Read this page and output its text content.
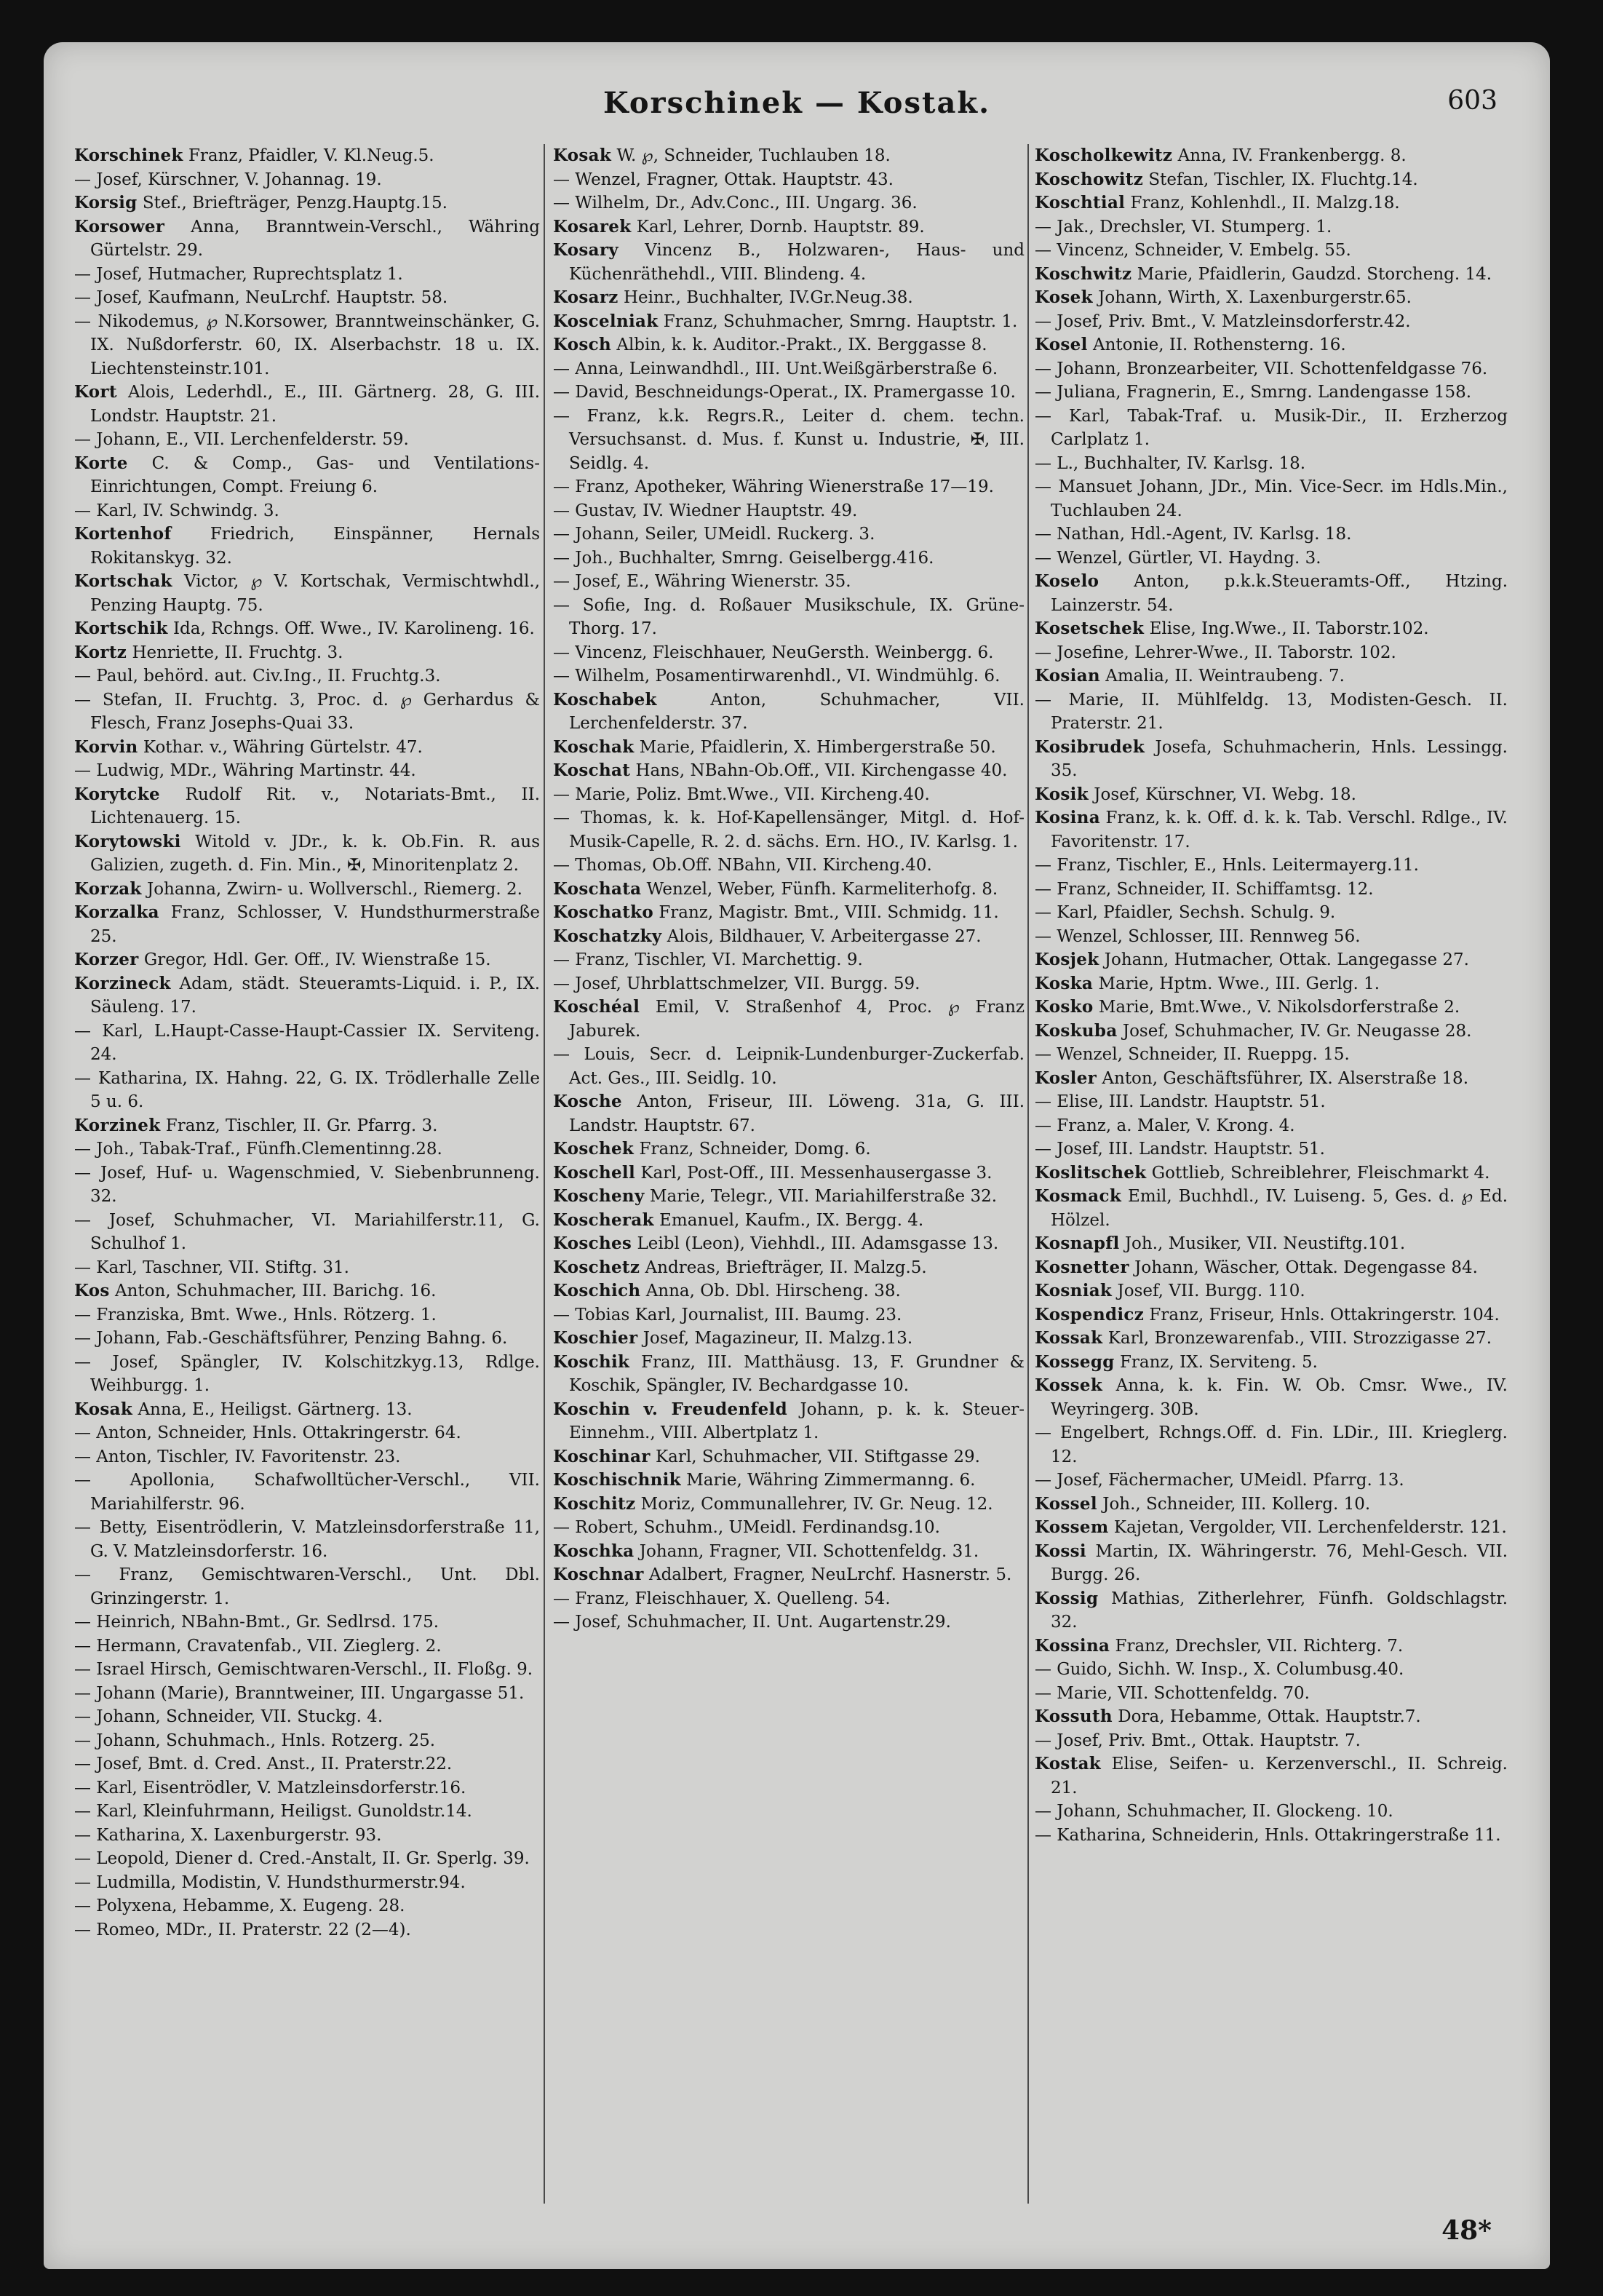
Korschinek — Kostak.	603

Korschinek Franz, Pfaidler, V. Kl.Neug.5.

— Josef, Kürschner, V. Johannag. 19.

Korsig Stef., Briefträger, Penzg.Hauptg.15.

Korsower Anna, Branntwein-Verschl., Währing Gürtelstr. 29.

— Josef, Hutmacher, Ruprechtsplatz 1.

— Josef, Kaufmann, NeuLrchf. Hauptstr. 58.

— Nikodemus, ℘ N.Korsower, Branntweinschänker, G. IX. Nußdorferstr. 60, IX. Alserbachstr. 18 u. IX. Liechtensteinstr.101.

Kort Alois, Lederhdl., E., III. Gärtnerg. 28, G. III. Londstr. Hauptstr. 21.

— Johann, E., VII. Lerchenfelderstr. 59.

Korte C. & Comp., Gas- und Ventilations-Einrichtungen, Compt. Freiung 6.

— Karl, IV. Schwindg. 3.

Kortenhof Friedrich, Einspänner, Hernals Rokitanskyg. 32.

Kortschak Victor, ℘ V. Kortschak, Vermischtwhdl., Penzing Hauptg. 75.

Kortschik Ida, Rchngs. Off. Wwe., IV. Karolineng. 16.

Kortz Henriette, II. Fruchtg. 3.

— Paul, behörd. aut. Civ.Ing., II. Fruchtg.3.

— Stefan, II. Fruchtg. 3, Proc. d. ℘ Gerhardus & Flesch, Franz Josephs-Quai 33.

Korvin Kothar. v., Währing Gürtelstr. 47.

— Ludwig, MDr., Währing Martinstr. 44.

Korytcke Rudolf Rit. v., Notariats-Bmt., II. Lichtenauerg. 15.

Korytowski Witold v. JDr., k. k. Ob.Fin. R. aus Galizien, zugeth. d. Fin. Min., ✠, Minoritenplatz 2.

Korzak Johanna, Zwirn- u. Wollverschl., Riemerg. 2.

Korzalka Franz, Schlosser, V. Hundsthurmerstraße 25.

Korzer Gregor, Hdl. Ger. Off., IV. Wienstraße 15.

Korzineck Adam, städt. Steueramts-Liquid. i. P., IX. Säuleng. 17.

— Karl, L.Haupt-Casse-Haupt-Cassier IX. Serviteng. 24.

— Katharina, IX. Hahng. 22, G. IX. Trödlerhalle Zelle 5 u. 6.

Korzinek Franz, Tischler, II. Gr. Pfarrg. 3.

— Joh., Tabak-Traf., Fünfh.Clementinng.28.

— Josef, Huf- u. Wagenschmied, V. Siebenbrunneng. 32.

— Josef, Schuhmacher, VI. Mariahilferstr.11, G. Schulhof 1.

— Karl, Taschner, VII. Stiftg. 31.

Kos Anton, Schuhmacher, III. Barichg. 16.

— Franziska, Bmt. Wwe., Hnls. Rötzerg. 1.

— Johann, Fab.-Geschäftsführer, Penzing Bahng. 6.

— Josef, Spängler, IV. Kolschitzkyg.13, Rdlge. Weihburgg. 1.

Kosak Anna, E., Heiligst. Gärtnerg. 13.

— Anton, Schneider, Hnls. Ottakringerstr. 64.

— Anton, Tischler, IV. Favoritenstr. 23.

— Apollonia, Schafwolltücher-Verschl., VII. Mariahilferstr. 96.

— Betty, Eisentrödlerin, V. Matzleinsdorferstraße 11, G. V. Matzleinsdorferstr. 16.

— Franz, Gemischtwaren-Verschl., Unt. Dbl. Grinzingerstr. 1.

— Heinrich, NBahn-Bmt., Gr. Sedlrsd. 175.

— Hermann, Cravatenfab., VII. Zieglerg. 2.

— Israel Hirsch, Gemischtwaren-Verschl., II. Floßg. 9.

— Johann (Marie), Branntweiner, III. Ungargasse 51.

— Johann, Schneider, VII. Stuckg. 4.

— Johann, Schuhmach., Hnls. Rotzerg. 25.

— Josef, Bmt. d. Cred. Anst., II. Praterstr.22.

— Karl, Eisentrödler, V. Matzleinsdorferstr.16.

— Karl, Kleinfuhrmann, Heiligst. Gunoldstr.14.

— Katharina, X. Laxenburgerstr. 93.

— Leopold, Diener d. Cred.-Anstalt, II. Gr. Sperlg. 39.

— Ludmilla, Modistin, V. Hundsthurmerstr.94.

— Polyxena, Hebamme, X. Eugeng. 28.

— Romeo, MDr., II. Praterstr. 22 (2—4).

Kosak W. ℘, Schneider, Tuchlauben 18.

— Wenzel, Fragner, Ottak. Hauptstr. 43.

— Wilhelm, Dr., Adv.Conc., III. Ungarg. 36.

Kosarek Karl, Lehrer, Dornb. Hauptstr. 89.

Kosary Vincenz B., Holzwaren-, Haus- und Küchenräthehdl., VIII. Blindeng. 4.

Kosarz Heinr., Buchhalter, IV.Gr.Neug.38.

Koscelniak Franz, Schuhmacher, Smrng. Hauptstr. 1.

Kosch Albin, k. k. Auditor.-Prakt., IX. Berggasse 8.

— Anna, Leinwandhdl., III. Unt.Weißgärberstraße 6.

— David, Beschneidungs-Operat., IX. Pramergasse 10.

— Franz, k.k. Regrs.R., Leiter d. chem. techn. Versuchsanst. d. Mus. f. Kunst u. Industrie, ✠, III. Seidlg. 4.

— Franz, Apotheker, Währing Wienerstraße 17—19.

— Gustav, IV. Wiedner Hauptstr. 49.

— Johann, Seiler, UMeidl. Ruckerg. 3.

— Joh., Buchhalter, Smrng. Geiselbergg.416.

— Josef, E., Währing Wienerstr. 35.

— Sofie, Ing. d. Roßauer Musikschule, IX. Grüne-Thorg. 17.

— Vincenz, Fleischhauer, NeuGersth. Weinbergg. 6.

— Wilhelm, Posamentirwarenhdl., VI. Windmühlg. 6.

Koschabek	Anton, Schuhmacher, VII. Lerchenfelderstr. 37.

Koschak Marie, Pfaidlerin, X. Himbergerstraße 50.

Koschat Hans, NBahn-Ob.Off., VII. Kirchengasse 40.

— Marie, Poliz. Bmt.Wwe., VII. Kircheng.40.

— Thomas, k. k. Hof-Kapellensänger, Mitgl. d. Hof-Musik-Capelle, R. 2. d. sächs. Ern. HO., IV. Karlsg. 1.

— Thomas, Ob.Off. NBahn, VII. Kircheng.40.

Koschata Wenzel, Weber, Fünfh. Karmeliterhofg. 8.

Koschatko Franz, Magistr. Bmt., VIII. Schmidg. 11.

Koschatzky Alois, Bildhauer, V. Arbeitergasse 27.

— Franz, Tischler, VI. Marchettig. 9.

— Josef, Uhrblattschmelzer, VII. Burgg. 59.

Koschéal Emil, V. Straßenhof 4, Proc. ℘ Franz Jaburek.

— Louis, Secr. d. Leipnik-Lundenburger-Zuckerfab. Act. Ges., III. Seidlg. 10.

Kosche Anton, Friseur, III. Löweng. 31a, G. III. Landstr. Hauptstr. 67.

Koschek Franz, Schneider, Domg. 6.

Koschell Karl, Post-Off., III. Messenhausergasse 3.

Koscheny Marie, Telegr., VII. Mariahilferstraße 32.

Koscherak Emanuel, Kaufm., IX. Bergg. 4.

Kosches Leibl (Leon), Viehhdl., III. Adamsgasse 13.

Koschetz Andreas, Briefträger, II. Malzg.5.

Koschich Anna, Ob. Dbl. Hirscheng. 38.

— Tobias Karl, Journalist, III. Baumg. 23.

Koschier Josef, Magazineur, II. Malzg.13.

Koschik Franz, III. Matthäusg. 13, F. Grundner & Koschik, Spängler, IV. Bechardgasse 10.

Koschin v. Freudenfeld Johann, p. k. k. Steuer-Einnehm., VIII. Albertplatz 1.

Koschinar Karl, Schuhmacher, VII. Stiftgasse 29.

Koschischnik Marie, Währing Zimmermanng. 6.

Koschitz Moriz, Communallehrer, IV. Gr. Neug. 12.

— Robert, Schuhm., UMeidl. Ferdinandsg.10.

Koschka Johann, Fragner, VII. Schottenfeldg. 31.

Koschnar Adalbert, Fragner, NeuLrchf. Hasnerstr. 5.

— Franz, Fleischhauer, X. Quelleng. 54.

— Josef, Schuhmacher, II. Unt. Augartenstr.29.

Koscholkewitz Anna, IV. Frankenbergg. 8.

Koschowitz Stefan, Tischler, IX. Fluchtg.14.

Koschtial Franz, Kohlenhdl., II. Malzg.18.

— Jak., Drechsler, VI. Stumperg. 1.

— Vincenz, Schneider, V. Embelg. 55.

Koschwitz Marie, Pfaidlerin, Gaudzd. Storcheng. 14.

Kosek Johann, Wirth, X. Laxenburgerstr.65.

— Josef, Priv. Bmt., V. Matzleinsdorferstr.42.

Kosel Antonie, II. Rothensterng. 16.

— Johann, Bronzearbeiter, VII. Schottenfeldgasse 76.

— Juliana, Fragnerin, E., Smrng. Landengasse 158.

— Karl, Tabak-Traf. u. Musik-Dir., II. Erzherzog Carlplatz 1.

— L., Buchhalter, IV. Karlsg. 18.

— Mansuet Johann, JDr., Min. Vice-Secr. im Hdls.Min., Tuchlauben 24.

— Nathan, Hdl.-Agent, IV. Karlsg. 18.

— Wenzel, Gürtler, VI. Haydng. 3.

Koselo Anton, p.k.k.Steueramts-Off., Htzing. Lainzerstr. 54.

Kosetschek Elise, Ing.Wwe., II. Taborstr.102.

— Josefine, Lehrer-Wwe., II. Taborstr. 102.

Kosian Amalia, II. Weintraubeng. 7.

— Marie, II. Mühlfeldg. 13, Modisten-Gesch. II. Praterstr. 21.

Kosibrudek Josefa, Schuhmacherin, Hnls. Lessingg. 35.

Kosik Josef, Kürschner, VI. Webg. 18.

Kosina Franz, k. k. Off. d. k. k. Tab. Verschl. Rdlge., IV. Favoritenstr. 17.

— Franz, Tischler, E., Hnls. Leitermayerg.11.

— Franz, Schneider, II. Schiffamtsg. 12.

— Karl, Pfaidler, Sechsh. Schulg. 9.

— Wenzel, Schlosser, III. Rennweg 56.

Kosjek Johann, Hutmacher, Ottak. Langegasse 27.

Koska Marie, Hptm. Wwe., III. Gerlg. 1.

Kosko Marie, Bmt.Wwe., V. Nikolsdorferstraße 2.

Koskuba Josef, Schuhmacher, IV. Gr. Neugasse 28.

— Wenzel, Schneider, II. Rueppg. 15.

Kosler Anton, Geschäftsführer, IX. Alserstraße 18.

— Elise, III. Landstr. Hauptstr. 51.

— Franz, a. Maler, V. Krong. 4.

— Josef, III. Landstr. Hauptstr. 51.

Koslitschek Gottlieb, Schreiblehrer, Fleischmarkt 4.

Kosmack Emil, Buchhdl., IV. Luiseng. 5, Ges. d. ℘ Ed. Hölzel.

Kosnapfl Joh., Musiker, VII. Neustiftg.101.

Kosnetter Johann, Wäscher, Ottak. Degengasse 84.

Kosniak Josef, VII. Burgg. 110.

Kospendicz Franz, Friseur, Hnls. Ottakringerstr. 104.

Kossak Karl, Bronzewarenfab., VIII. Strozzigasse 27.

Kossegg Franz, IX. Serviteng. 5.

Kossek Anna, k. k. Fin. W. Ob. Cmsr. Wwe., IV. Weyringerg. 30B.

— Engelbert, Rchngs.Off. d. Fin. LDir., III. Krieglerg. 12.

— Josef, Fächermacher, UMeidl. Pfarrg. 13.

Kossel Joh., Schneider, III. Kollerg. 10.

Kossem Kajetan, Vergolder, VII. Lerchenfelderstr. 121.

Kossi Martin, IX. Währingerstr. 76, Mehl-Gesch. VII. Burgg. 26.

Kossig Mathias, Zitherlehrer, Fünfh. Goldschlagstr. 32.

Kossina Franz, Drechsler, VII. Richterg. 7.

— Guido, Sichh. W. Insp., X. Columbusg.40.

— Marie, VII. Schottenfeldg. 70.

Kossuth Dora, Hebamme, Ottak. Hauptstr.7.

— Josef, Priv. Bmt., Ottak. Hauptstr. 7.

Kostak Elise, Seifen- u. Kerzenverschl., II. Schreig. 21.

— Johann, Schuhmacher, II. Glockeng. 10.

— Katharina, Schneiderin, Hnls. Ottakringerstraße 11.

48*
